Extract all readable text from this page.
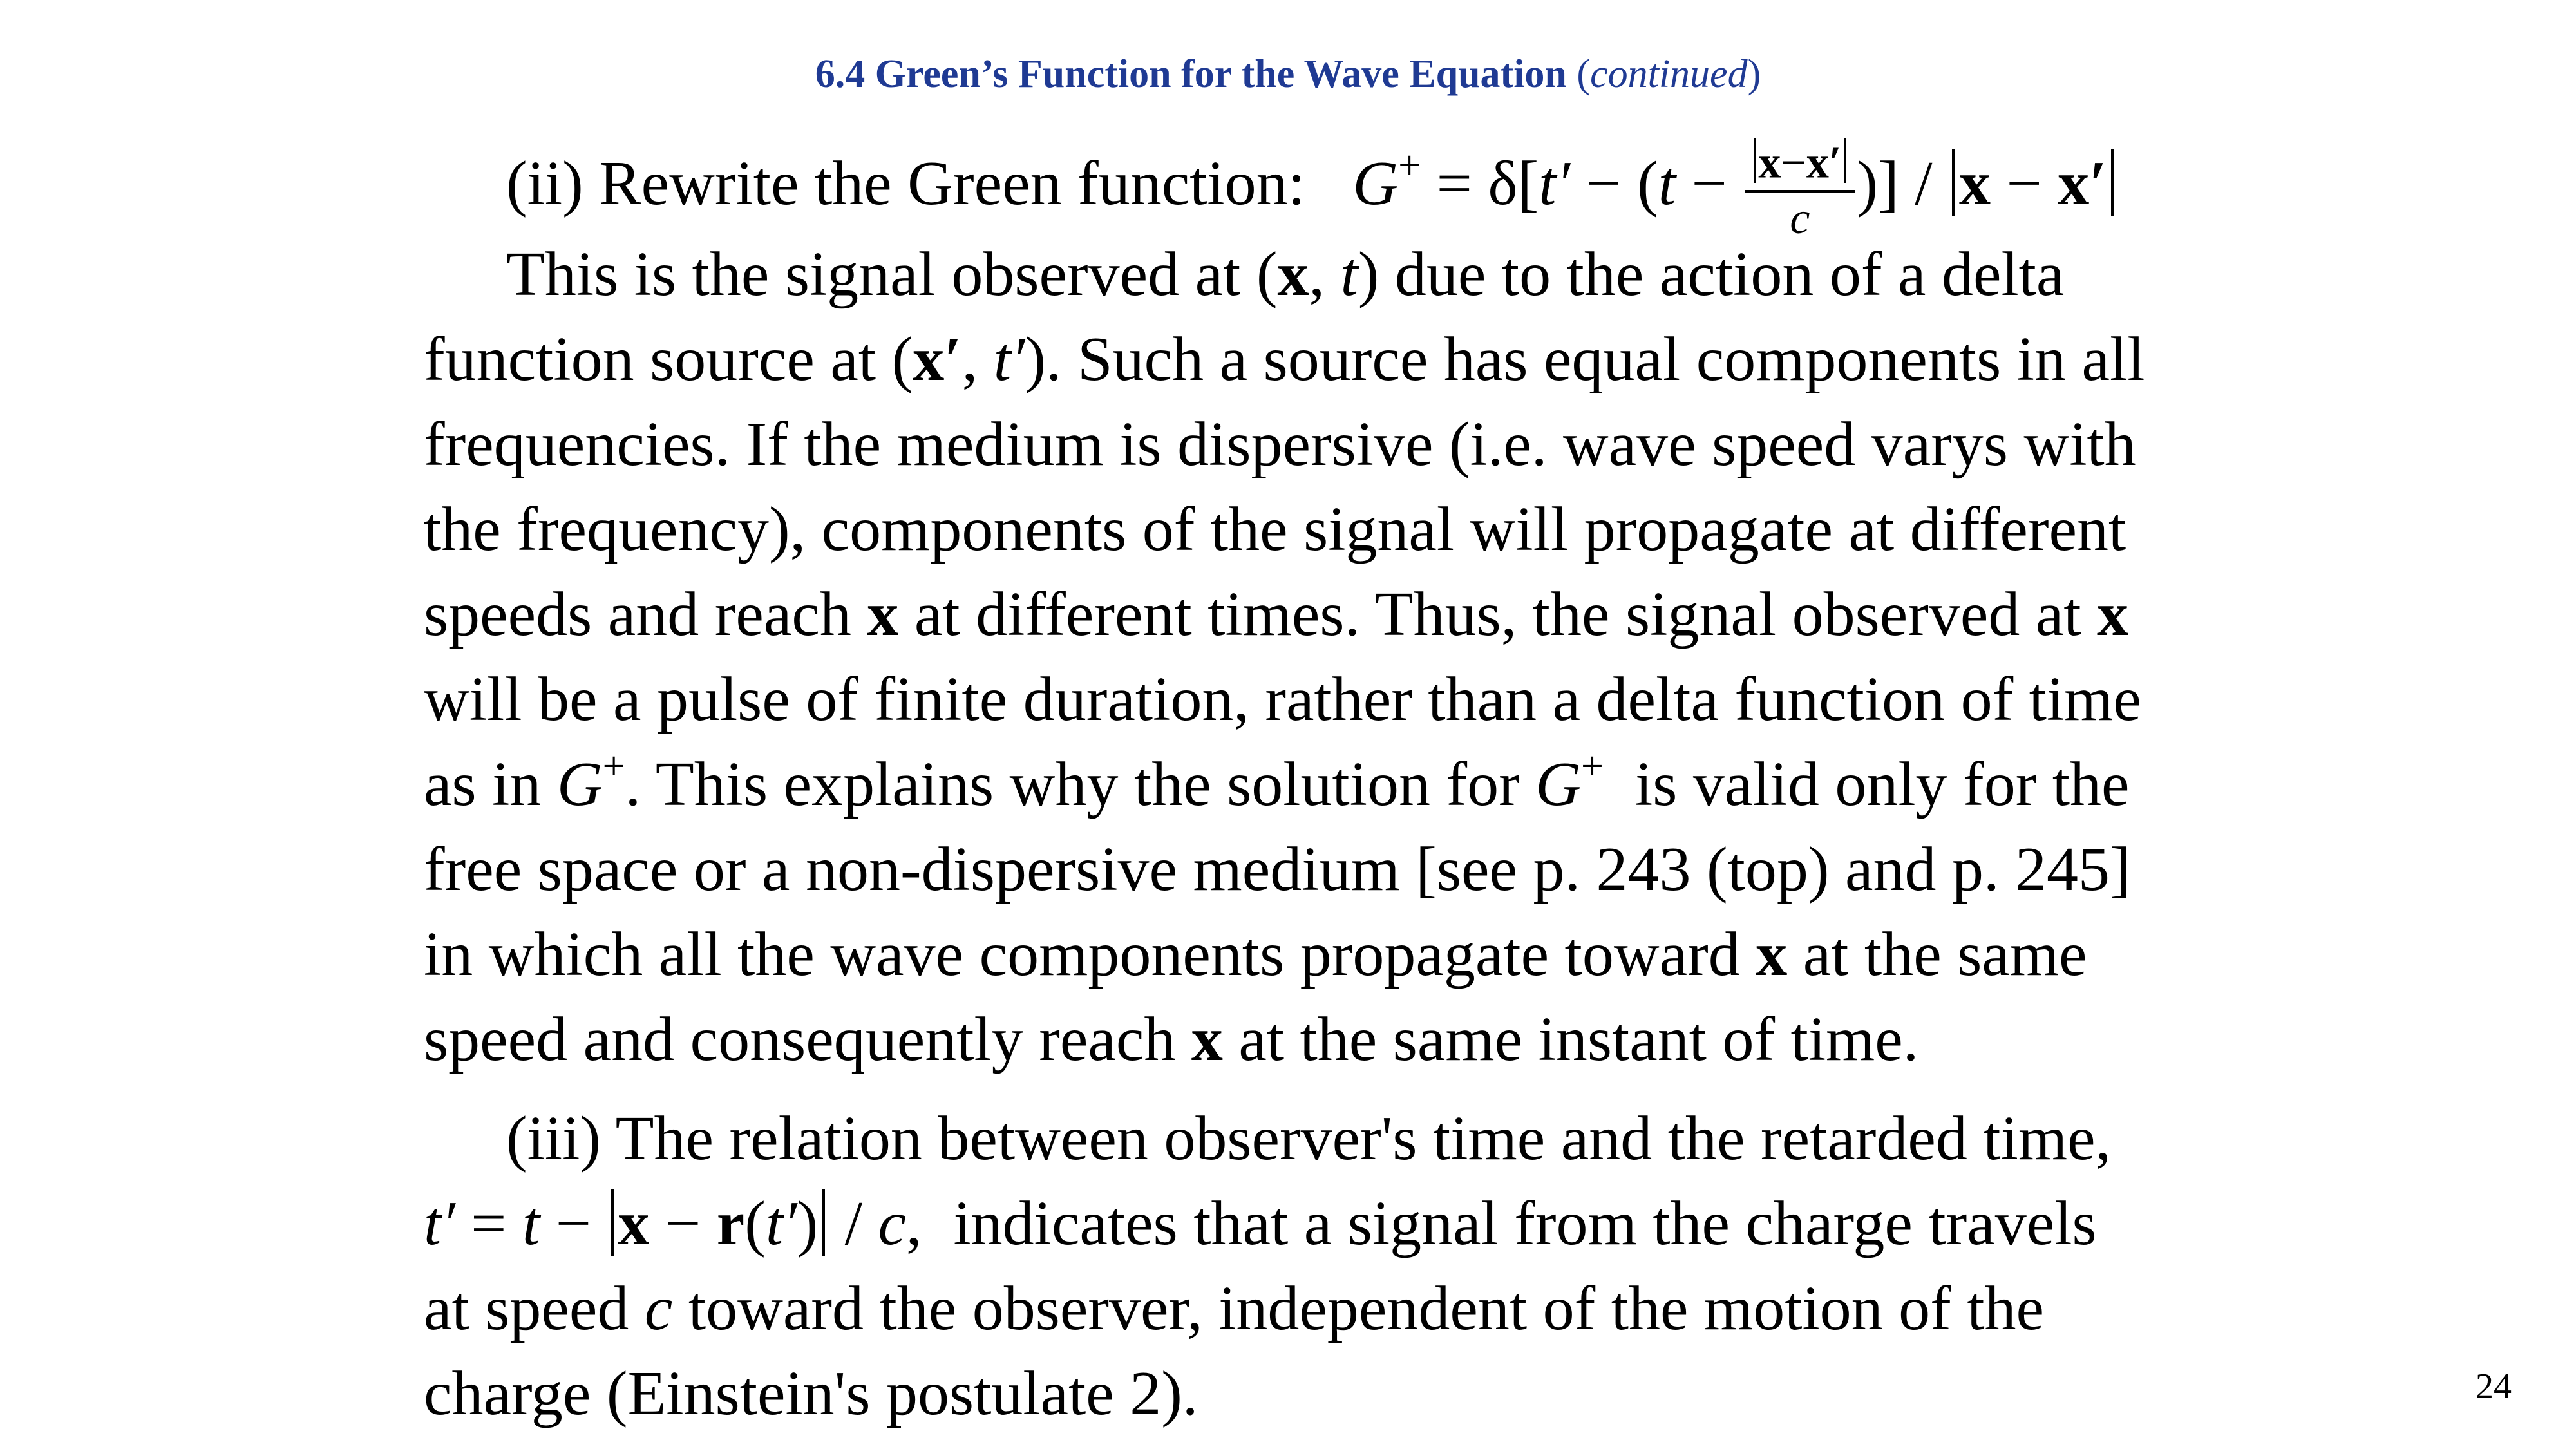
6.4 Green’s Function for the Wave Equation (continued)
(ii) Rewrite the Green function: $G^+ = \delta[t' - (t - \frac{x-x'}{c}$ )] / x − x′
This is the signal observed at (x, t) due to the action of a delta
function source at (x′, t′). Such a source has equal components in all
frequencies. If the medium is dispersive (i.e. wave speed varys with
the frequency), components of the signal will propagate at different
speeds and reach x at different times. Thus, the signal observed at x
will be a pulse of finite duration, rather than a delta function of time
as in G+. This explains why the solution for G+  is valid only for the
free space or a non-dispersive medium [see p. 243 (top) and p. 245]
in which all the wave components propagate toward x at the same
speed and consequently reach x at the same instant of time.
(iii) The relation between observer's time and the retarded time,
t′ = t − x − r(t′) / c,  indicates that a signal from the charge travels
at speed c toward the observer, independent of the motion of the
charge (Einstein's postulate 2).	24
